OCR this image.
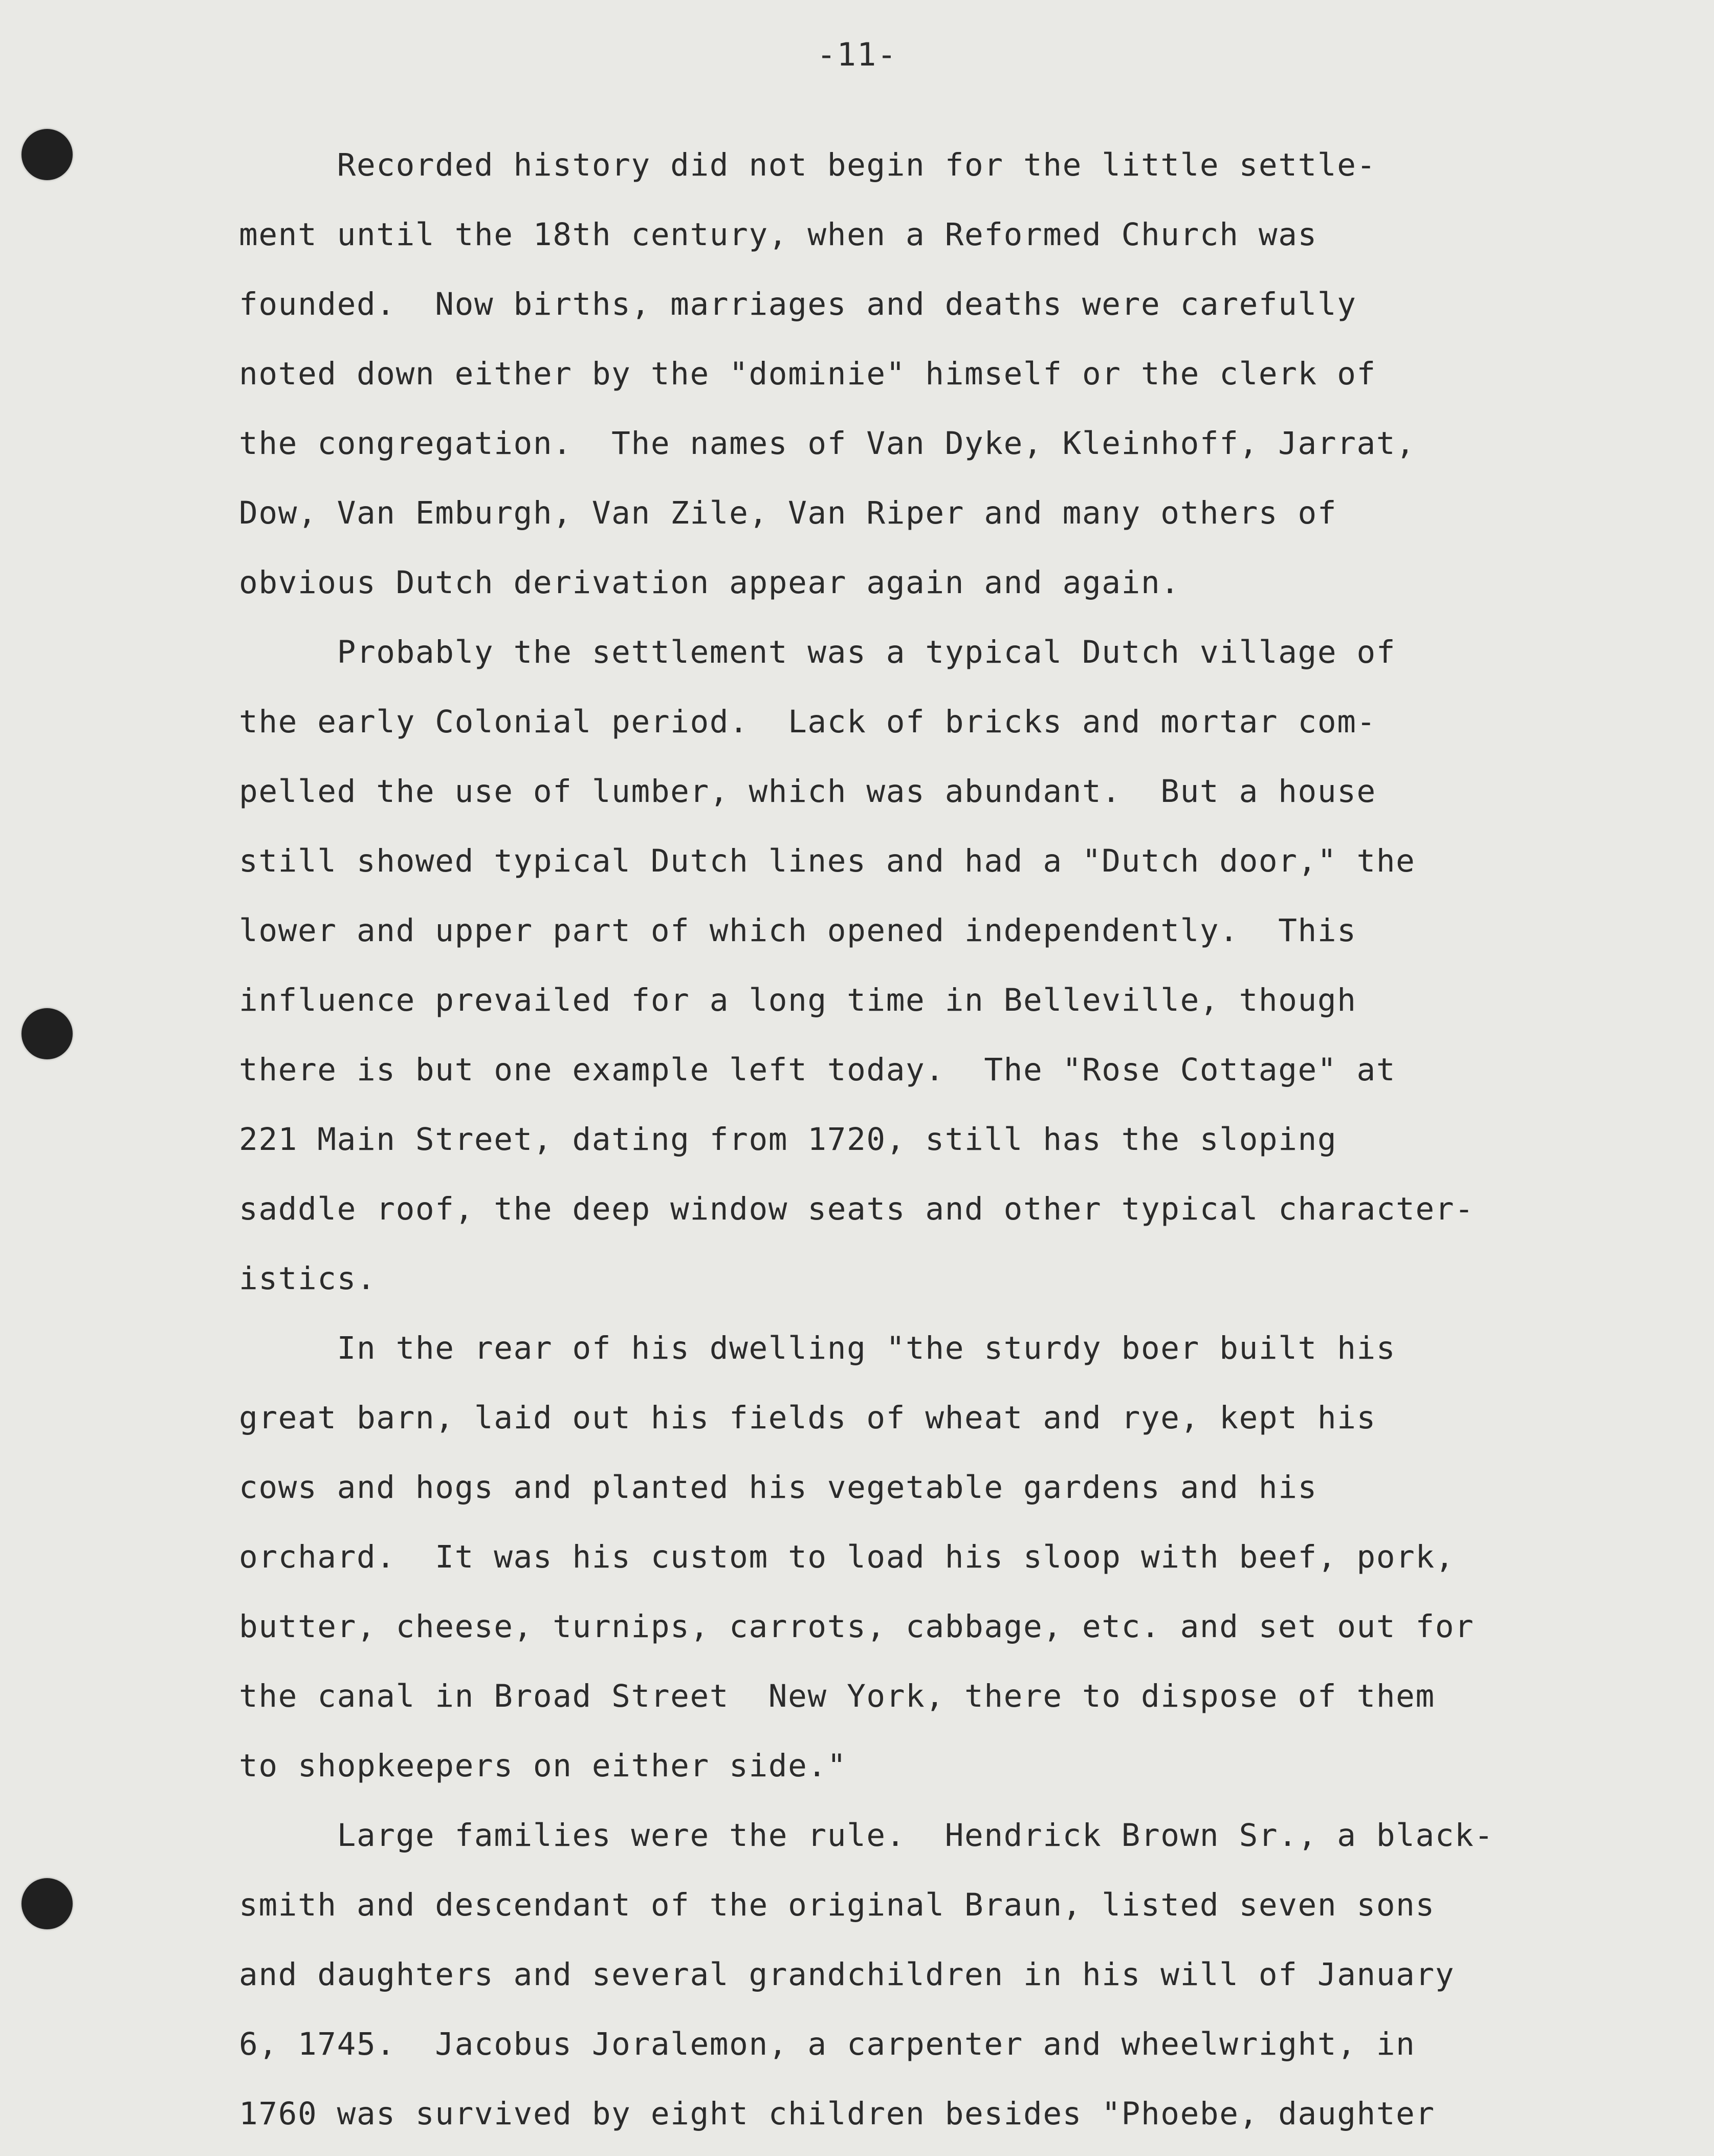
-11-
Recorded history did not begin for the little settle-
ment until the 18th century, when a Reformed Church was
founded.  Now births, marriages and deaths were carefully
noted down either by the "dominie" himself or the clerk of
the congregation.  The names of Van Dyke, Kleinhoff, Jarrat,
Dow, Van Emburgh, Van Zile, Van Riper and many others of
obvious Dutch derivation appear again and again.
Probably the settlement was a typical Dutch village of
the early Colonial period.  Lack of bricks and mortar com-
pelled the use of lumber, which was abundant.  But a house
still showed typical Dutch lines and had a "Dutch door," the
lower and upper part of which opened independently.  This
influence prevailed for a long time in Belleville, though
there is but one example left today.  The "Rose Cottage" at
221 Main Street, dating from 1720, still has the sloping
saddle roof, the deep window seats and other typical character-
istics.
In the rear of his dwelling "the sturdy boer built his
great barn, laid out his fields of wheat and rye, kept his
cows and hogs and planted his vegetable gardens and his
orchard.  It was his custom to load his sloop with beef, pork,
butter, cheese, turnips, carrots, cabbage, etc. and set out for
the canal in Broad Street  New York, there to dispose of them
to shopkeepers on either side."
Large families were the rule.  Hendrick Brown Sr., a black-
smith and descendant of the original Braun, listed seven sons
and daughters and several grandchildren in his will of January
6, 1745.  Jacobus Joralemon, a carpenter and wheelwright, in
1760 was survived by eight children besides "Phoebe, daughter
